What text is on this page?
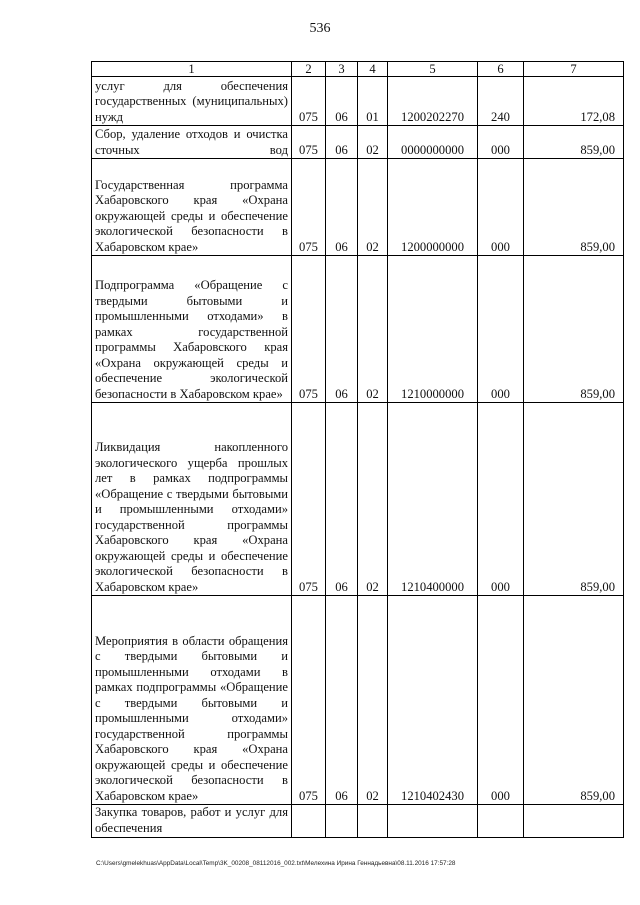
536
1	2	3	4	5	6	7
услуг для обеспечения государственных (муниципальных) нужд	075	06	01	1200202270	240	172,08
Сбор, удаление отходов и очистка сточных вод	075	06	02	0000000000	000	859,00
Государственная программа Хабаровского края «Охрана окружающей среды и обеспечение экологической безопасности в Хабаровском крае»	075	06	02	1200000000	000	859,00
Подпрограмма «Обращение с твердыми бытовыми и промышленными отходами» в рамках государственной программы Хабаровского края «Охрана окружающей среды и обеспечение экологической безопасности в Хабаровском крае»	075	06	02	1210000000	000	859,00
Ликвидация накопленного экологического ущерба прошлых лет в рамках подпрограммы «Обращение с твердыми бытовыми и промышленными отходами» государственной программы Хабаровского края «Охрана окружающей среды и обеспечение экологической безопасности в Хабаровском крае»	075	06	02	1210400000	000	859,00
Мероприятия в области обращения с твердыми бытовыми и промышленными отходами в рамках подпрограммы «Обращение с твердыми бытовыми и промышленными отходами» государственной программы Хабаровского края «Охрана окружающей среды и обеспечение экологической безопасности в Хабаровском крае»	075	06	02	1210402430	000	859,00
Закупка товаров, работ и услуг для обеспечения						
C:\Users\gmelekhuas\AppData\Local\Temp\3K_00208_08112016_002.txt\Мелехина Ирина Геннадьевна\08.11.2016 17:57:28
